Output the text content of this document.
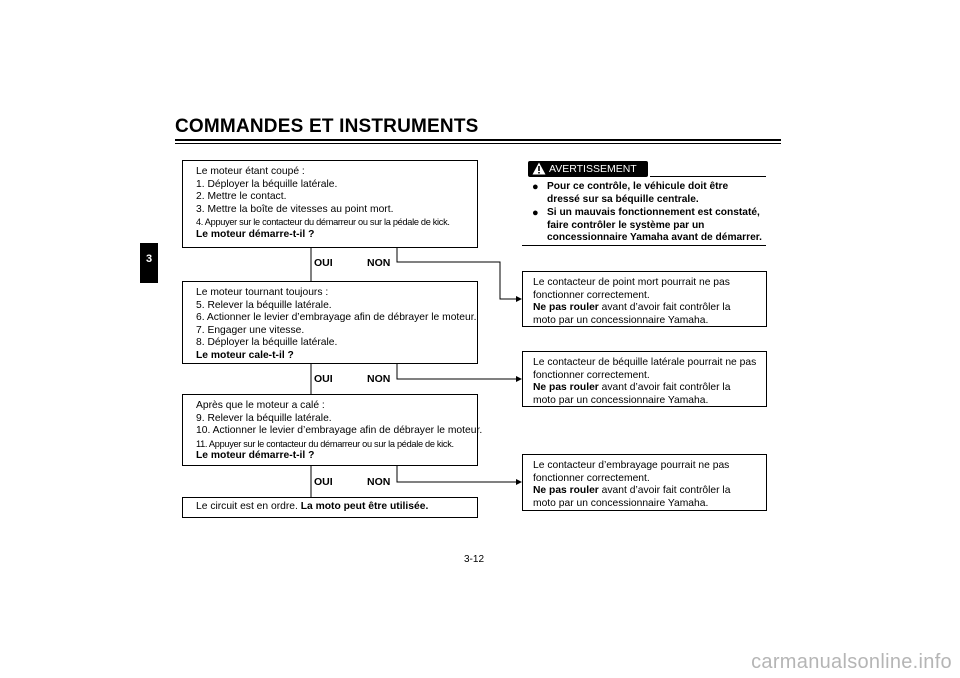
COMMANDES ET INSTRUMENTS
3
Le moteur étant coupé :
1. Déployer la béquille latérale.
2. Mettre le contact.
3. Mettre la boîte de vitesses au point mort.
4. Appuyer sur le contacteur du démarreur ou sur la pédale de kick.
Le moteur démarre-t-il ?
OUI	NON
Le moteur tournant toujours :
5. Relever la béquille latérale.
6. Actionner le levier d’embrayage afin de débrayer le moteur.
7. Engager une vitesse.
8. Déployer la béquille latérale.
Le moteur cale-t-il ?
OUI	NON
Après que le moteur a calé :
9. Relever la béquille latérale.
10. Actionner le levier d’embrayage afin de débrayer le moteur.
11. Appuyer sur le contacteur du démarreur ou sur la pédale de kick.
Le moteur démarre-t-il ?
OUI	NON
Le circuit est en ordre. La moto peut être utilisée.
Le contacteur de point mort pourrait ne pas
fonctionner correctement.
Ne pas rouler avant d’avoir fait contrôler la
moto par un concessionnaire Yamaha.
Le contacteur de béquille latérale pourrait ne pas
fonctionner correctement.
Ne pas rouler avant d’avoir fait contrôler la
moto par un concessionnaire Yamaha.
Le contacteur d’embrayage pourrait ne pas
fonctionner correctement.
Ne pas rouler avant d’avoir fait contrôler la
moto par un concessionnaire Yamaha.
AVERTISSEMENT
● Pour ce contrôle, le véhicule doit être
dressé sur sa béquille centrale.
● Si un mauvais fonctionnement est constaté,
faire contrôler le système par un
concessionnaire Yamaha avant de démarrer.
3-12
carmanualsonline.info
